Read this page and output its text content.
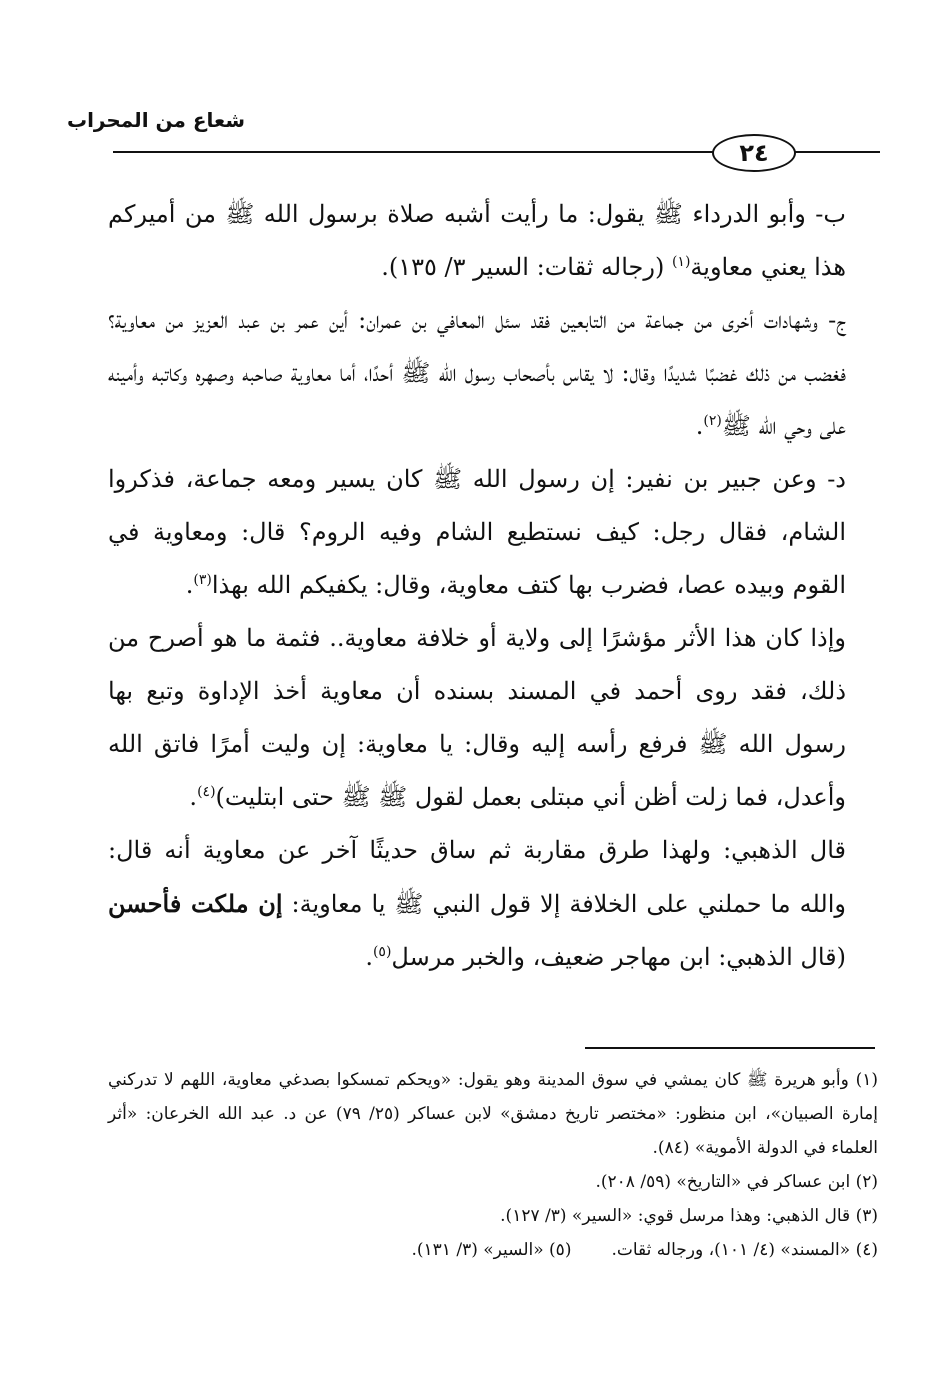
شعاع من المحراب
٢٤

ب- وأبو الدرداء ﷺ يقول: ما رأيت أشبه صلاة برسول الله ﷺ من أميركم هذا يعني معاوية$^{(١)}$ (رجاله ثقات: السير ٣/ ١٣٥).

ج- وشهادات أخرى من جماعة من التابعين فقد سئل المعافي بن عمران: أين عمر بن عبد العزيز من معاوية؟ فغضب من ذلك غضبًا شديدًا وقال: لا يقاس بأصحاب رسول الله ﷺ أحدًا، أما معاوية صاحبه وصهره وكاتبه وأمينه على وحي الله ﷺ$^{(٢)}$.

د- وعن جبير بن نفير: إن رسول الله ﷺ كان يسير ومعه جماعة، فذكروا الشام، فقال رجل: كيف نستطيع الشام وفيه الروم؟ قال: ومعاوية في القوم وبيده عصا، فضرب بها كتف معاوية، وقال: يكفيكم الله بهذا$^{(٣)}$.

وإذا كان هذا الأثر مؤشرًا إلى ولاية أو خلافة معاوية.. فثمة ما هو أصرح من ذلك، فقد روى أحمد في المسند بسنده أن معاوية أخذ الإداوة وتبع بها رسول الله ﷺ فرفع رأسه إليه وقال: يا معاوية: إن وليت أمرًا فاتق الله وأعدل، فما زلت أظن أني مبتلى بعمل لقول ﷺ ﷺ حتى ابتليت)$^{(٤)}$.

قال الذهبي: ولهذا طرق مقاربة ثم ساق حديثًا آخر عن معاوية أنه قال: والله ما حملني على الخلافة إلا قول النبي ﷺ يا معاوية: إن ملكت فأحسن (قال الذهبي: ابن مهاجر ضعيف، والخبر مرسل$^{(٥)}$.

(١) وأبو هريرة ﷺ كان يمشي في سوق المدينة وهو يقول: «ويحكم تمسكوا بصدغي معاوية، اللهم لا تدركني إمارة الصبيان»، ابن منظور: «مختصر تاريخ دمشق» لابن عساكر (٢٥/ ٧٩) عن د. عبد الله الخرعان: «أثر العلماء في الدولة الأموية» (٨٤).

(٢) ابن عساكر في «التاريخ» (٥٩/ ٢٠٨).

(٣) قال الذهبي: وهذا مرسل قوي: «السير» (٣/ ١٢٧).

(٤) «المسند» (٤/ ١٠١)، ورجاله ثقات.(٥) «السير» (٣/ ١٣١).
